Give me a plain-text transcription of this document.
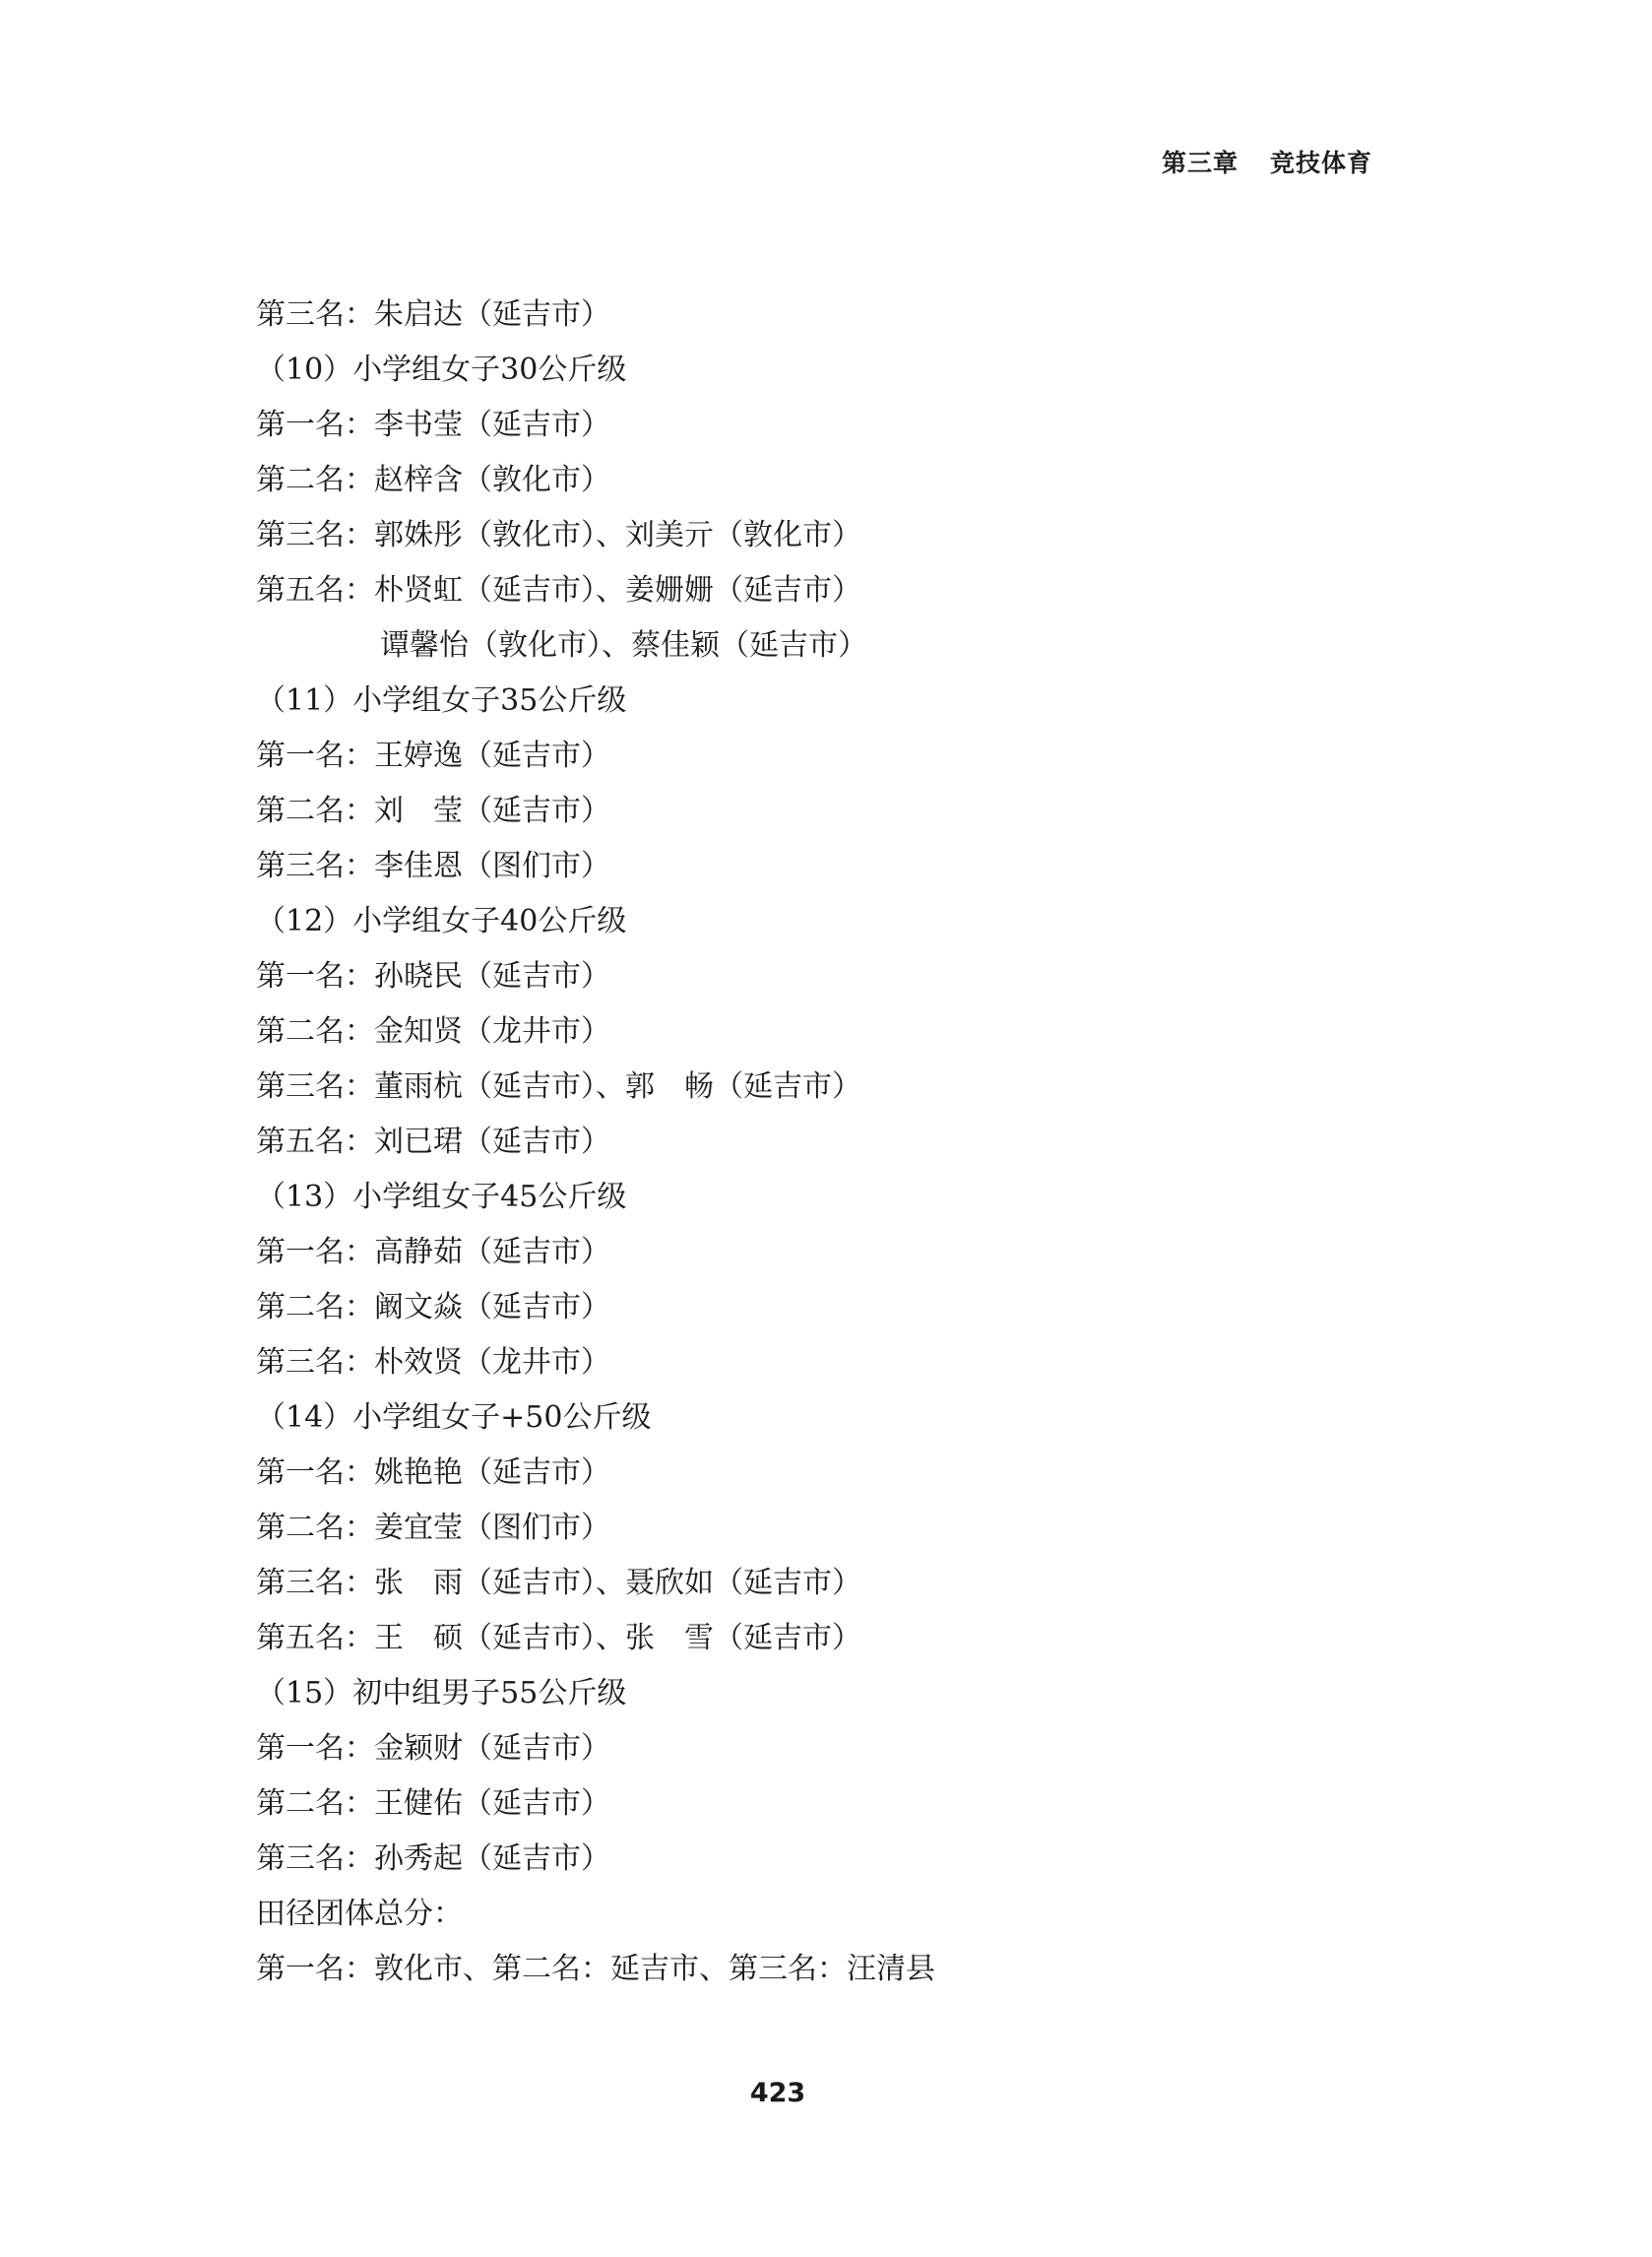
第三章 竞技体育
第三名：朱启达（延吉市）
（10）小学组女子30公斤级
第一名：李书莹（延吉市）
第二名：赵梓含（敦化市）
第三名：郭姝彤（敦化市）、刘美亓（敦化市）
第五名：朴贤虹（延吉市）、姜姗姗（延吉市）
谭馨怡（敦化市）、蔡佳颖（延吉市）
（11）小学组女子35公斤级
第一名：王婷逸（延吉市）
第二名：刘　莹（延吉市）
第三名：李佳恩（图们市）
（12）小学组女子40公斤级
第一名：孙晓民（延吉市）
第二名：金知贤（龙井市）
第三名：董雨杭（延吉市）、郭　畅（延吉市）
第五名：刘已珺（延吉市）
（13）小学组女子45公斤级
第一名：高静茹（延吉市）
第二名：阚文焱（延吉市）
第三名：朴效贤（龙井市）
（14）小学组女子+50公斤级
第一名：姚艳艳（延吉市）
第二名：姜宜莹（图们市）
第三名：张　雨（延吉市）、聂欣如（延吉市）
第五名：王　硕（延吉市）、张　雪（延吉市）
（15）初中组男子55公斤级
第一名：金颖财（延吉市）
第二名：王健佑（延吉市）
第三名：孙秀起（延吉市）
田径团体总分：
第一名：敦化市、第二名：延吉市、第三名：汪清县
423
